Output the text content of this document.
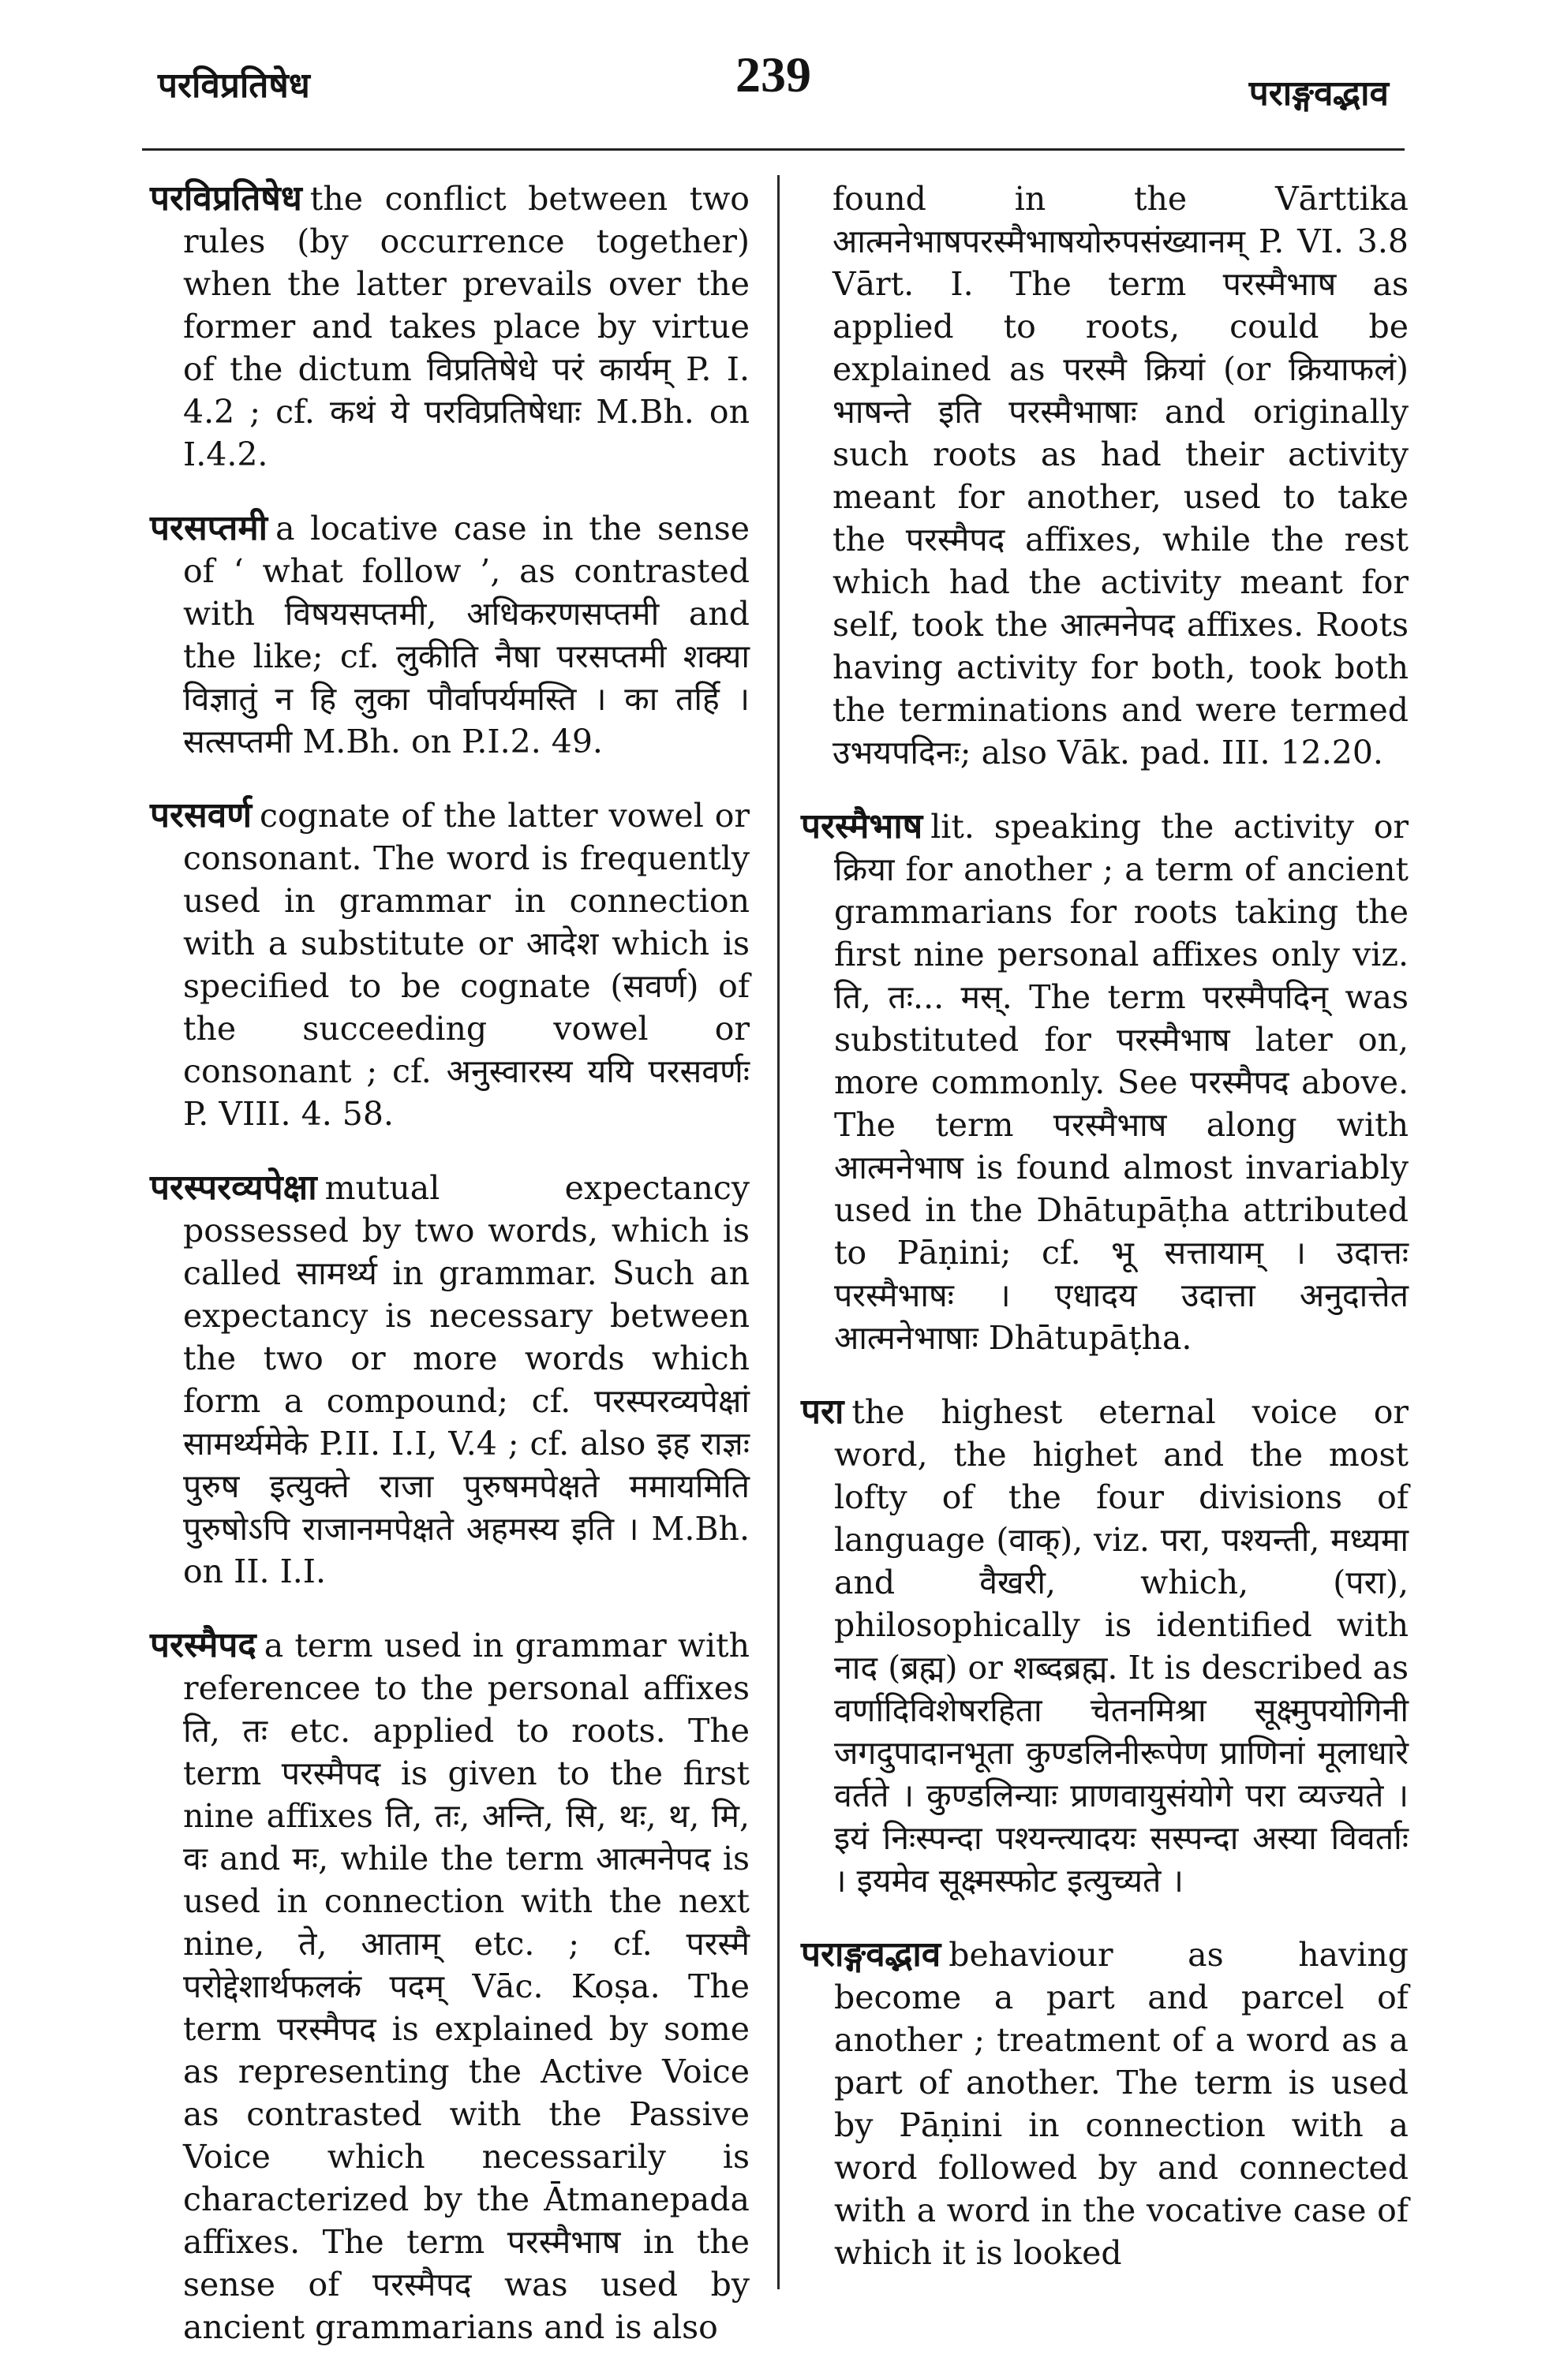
परविप्रतिषेध	239	पराङ्गवद्भाव

परविप्रतिषेध the conflict between two rules (by occurrence together) when the latter prevails over the former and takes place by virtue of the dictum विप्रतिषेधे परं कार्यम् P. I. 4.2 ; cf. कथं ये परविप्रतिषेधाः M.Bh. on I.4.2.

परसप्तमी a locative case in the sense of ‘ what follow ’, as contrasted with विषयसप्तमी, अधिकरणसप्तमी and the like; cf. लुकीति नैषा परसप्तमी शक्या विज्ञातुं न हि लुका पौर्वापर्यमस्ति । का तर्हि । सत्सप्तमी M.Bh. on P.I.2. 49.

परसवर्ण cognate of the latter vowel or consonant. The word is frequently used in grammar in connection with a substitute or आदेश which is specified to be cognate (सवर्ण) of the succeeding vowel or consonant ; cf. अनुस्वारस्य ययि परसवर्णः P. VIII. 4. 58.

परस्परव्यपेक्षा mutual expectancy possessed by two words, which is called सामर्थ्य in grammar. Such an expectancy is necessary between the two or more words which form a compound; cf. परस्परव्यपेक्षां सामर्थ्यमेके P.II. I.I, V.4 ; cf. also इह राज्ञः पुरुष इत्युक्ते राजा पुरुषमपेक्षते ममायमिति पुरुषोऽपि राजानमपेक्षते अहमस्य इति । M.Bh. on II. I.I.

परस्मैपद a term used in grammar with referencee to the personal affixes ति, तः etc. applied to roots. The term परस्मैपद is given to the first nine affixes ति, तः, अन्ति, सि, थः, थ, मि, वः and मः, while the term आत्मनेपद is used in connection with the next nine, ते, आताम् etc. ; cf. परस्मै परोद्देशार्थफलकं पदम् Vāc. Koṣa. The term परस्मैपद is explained by some as representing the Active Voice as contrasted with the Passive Voice which necessarily is characterized by the Ātmanepada affixes. The term परस्मैभाष in the sense of परस्मैपद was used by ancient grammarians and is also

found in the Vārttika आत्मनेभाषपरस्मैभाषयोरुपसंख्यानम् P. VI. 3.8 Vārt. I. The term परस्मैभाष as applied to roots, could be explained as परस्मै क्रियां (or क्रियाफलं) भाषन्ते इति परस्मैभाषाः and originally such roots as had their activity meant for another, used to take the परस्मैपद affixes, while the rest which had the activity meant for self, took the आत्मनेपद affixes. Roots having activity for both, took both the terminations and were termed उभयपदिनः; also Vāk. pad. III. 12.20.

परस्मैभाष lit. speaking the activity or क्रिया for another ; a term of ancient grammarians for roots taking the first nine personal affixes only viz. ति, तः... मस्. The term परस्मैपदिन् was substituted for परस्मैभाष later on, more commonly. See परस्मैपद above. The term परस्मैभाष along with आत्मनेभाष is found almost invariably used in the Dhātupāṭha attributed to Pāṇini; cf. भू सत्तायाम् । उदात्तः परस्मैभाषः । एधादय उदात्ता अनुदात्तेत आत्मनेभाषाः Dhātupāṭha.

परा the highest eternal voice or word, the highet and the most lofty of the four divisions of language (वाक्), viz. परा, पश्यन्ती, मध्यमा and वैखरी, which, (परा), philosophically is identified with नाद (ब्रह्म) or शब्दब्रह्म. It is described as वर्णादिविशेषरहिता चेतनमिश्रा सूक्ष्मुपयोगिनी जगदुपादानभूता कुण्डलिनीरूपेण प्राणिनां मूलाधारे वर्तते । कुण्डलिन्याः प्राणवायुसंयोगे परा व्यज्यते । इयं निःस्पन्दा पश्यन्त्यादयः सस्पन्दा अस्या विवर्ताः । इयमेव सूक्ष्मस्फोट इत्युच्यते ।

पराङ्गवद्भाव behaviour as having become a part and parcel of another ; treatment of a word as a part of another. The term is used by Pāṇini in connection with a word followed by and connected with a word in the vocative case of which it is looked
